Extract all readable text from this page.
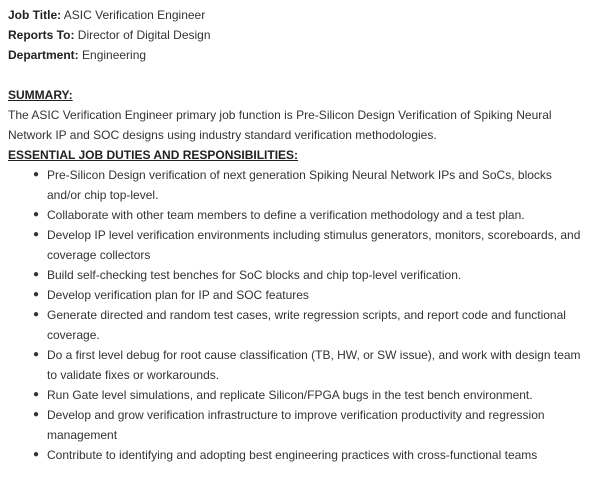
Job Title: ASIC Verification Engineer
Reports To: Director of Digital Design
Department: Engineering
SUMMARY:
The ASIC Verification Engineer primary job function is Pre-Silicon Design Verification of Spiking Neural Network IP and SOC designs using industry standard verification methodologies.
ESSENTIAL JOB DUTIES AND RESPONSIBILITIES:
● Pre-Silicon Design verification of next generation Spiking Neural Network IPs and SoCs, blocks and/or chip top-level.
● Collaborate with other team members to define a verification methodology and a test plan.
● Develop IP level verification environments including stimulus generators, monitors, scoreboards, and coverage collectors
● Build self-checking test benches for SoC blocks and chip top-level verification.
● Develop verification plan for IP and SOC features
● Generate directed and random test cases, write regression scripts, and report code and functional coverage.
● Do a first level debug for root cause classification (TB, HW, or SW issue), and work with design team to validate fixes or workarounds.
● Run Gate level simulations, and replicate Silicon/FPGA bugs in the test bench environment.
● Develop and grow verification infrastructure to improve verification productivity and regression management
● Contribute to identifying and adopting best engineering practices with cross-functional teams
